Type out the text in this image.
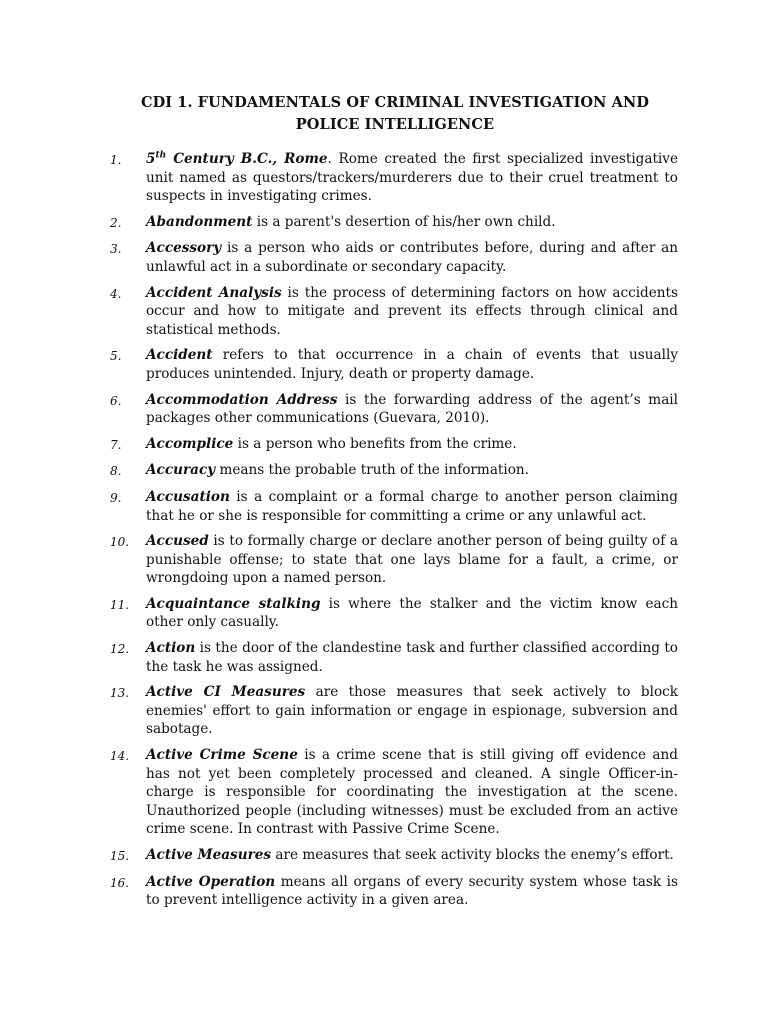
CDI 1. FUNDAMENTALS OF CRIMINAL INVESTIGATION AND POLICE INTELLIGENCE
1.	5th Century B.C., Rome. Rome created the first specialized investigative unit named as questors/trackers/murderers due to their cruel treatment to suspects in investigating crimes.
2.	Abandonment is a parent's desertion of his/her own child.
3.	Accessory is a person who aids or contributes before, during and after an unlawful act in a subordinate or secondary capacity.
4.	Accident Analysis is the process of determining factors on how accidents occur and how to mitigate and prevent its effects through clinical and statistical methods.
5.	Accident refers to that occurrence in a chain of events that usually produces unintended. Injury, death or property damage.
6.	Accommodation Address is the forwarding address of the agent’s mail packages other communications (Guevara, 2010).
7.	Accomplice is a person who benefits from the crime.
8.	Accuracy means the probable truth of the information.
9.	Accusation is a complaint or a formal charge to another person claiming that he or she is responsible for committing a crime or any unlawful act.
10.	Accused is to formally charge or declare another person of being guilty of a punishable offense; to state that one lays blame for a fault, a crime, or wrongdoing upon a named person.
11.	Acquaintance stalking is where the stalker and the victim know each other only casually.
12.	Action is the door of the clandestine task and further classified according to the task he was assigned.
13.	Active CI Measures are those measures that seek actively to block enemies' effort to gain information or engage in espionage, subversion and sabotage.
14.	Active Crime Scene is a crime scene that is still giving off evidence and has not yet been completely processed and cleaned. A single Officer-in-charge is responsible for coordinating the investigation at the scene. Unauthorized people (including witnesses) must be excluded from an active crime scene. In contrast with Passive Crime Scene.
15.	Active Measures are measures that seek activity blocks the enemy’s effort.
16.	Active Operation means all organs of every security system whose task is to prevent intelligence activity in a given area.
